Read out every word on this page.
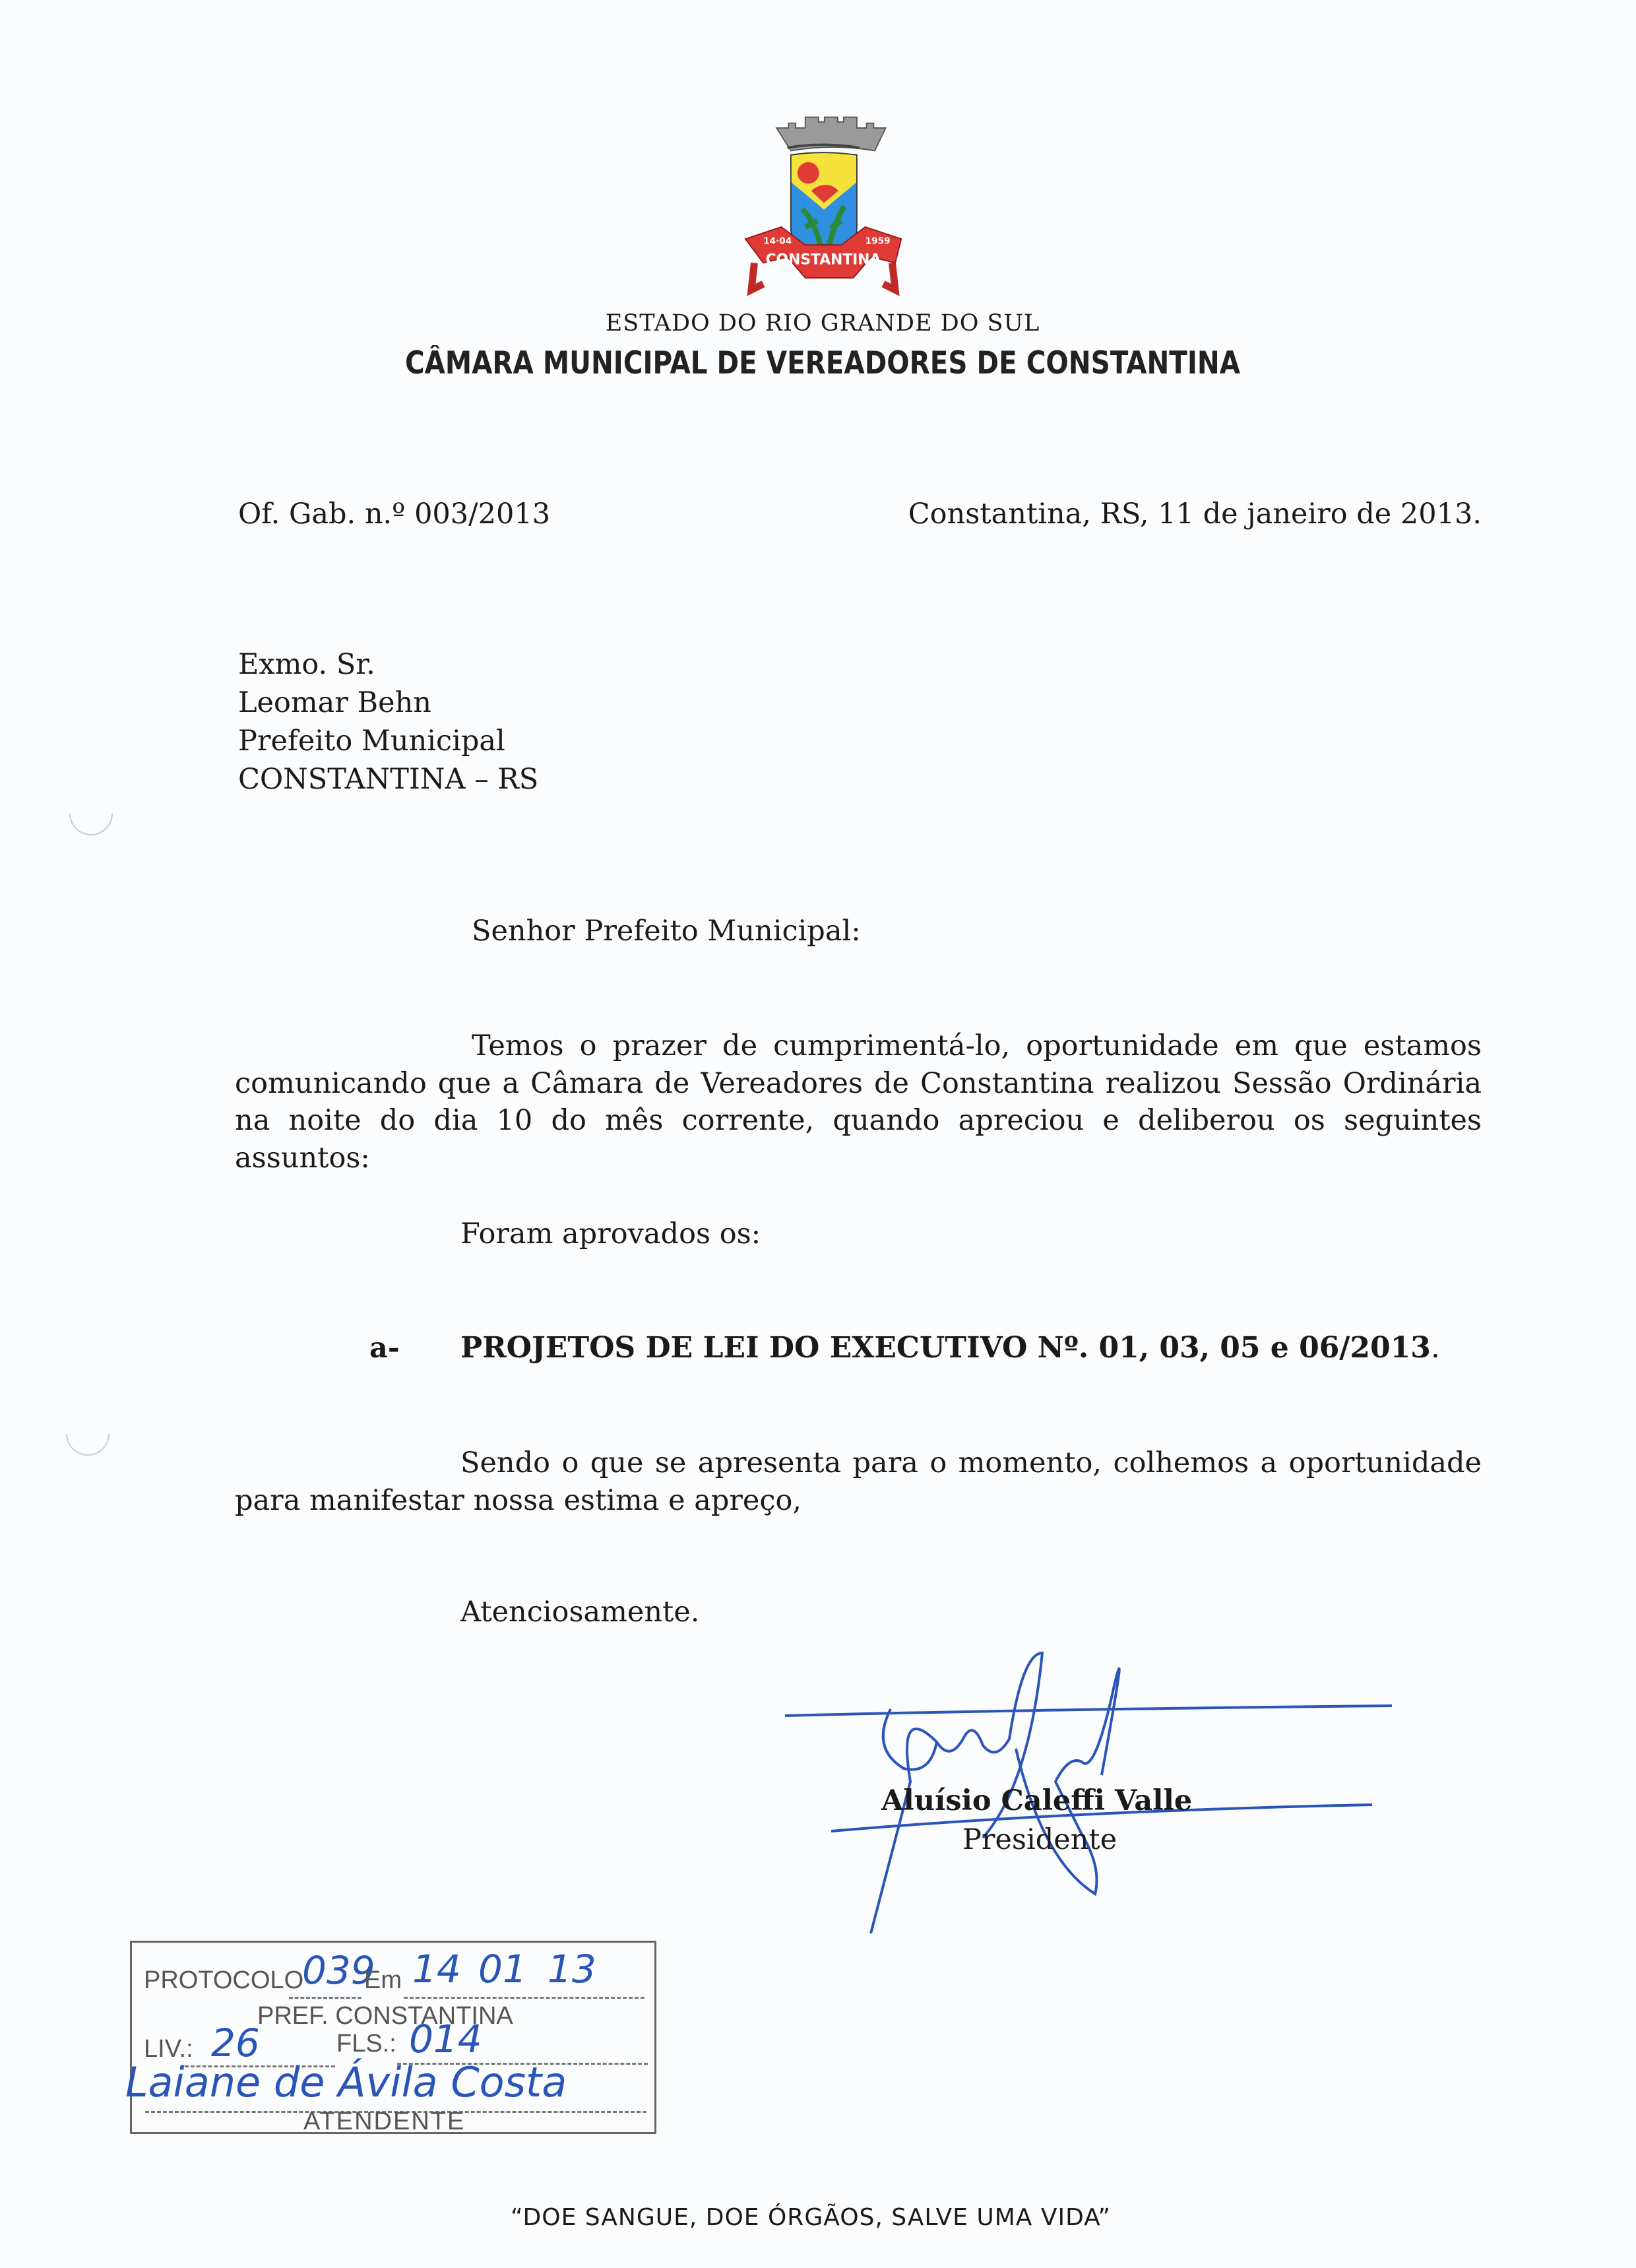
CONSTANTINA
14·04	1959
ESTADO DO RIO GRANDE DO SUL
CÂMARA MUNICIPAL DE VEREADORES DE CONSTANTINA
Of. Gab. n.º 003/2013	Constantina, RS, 11 de janeiro de 2013.
Exmo. Sr.
Leomar Behn
Prefeito Municipal
CONSTANTINA – RS
Senhor Prefeito Municipal:
Temos o prazer de cumprimentá-lo, oportunidade em que estamos comunicando que a Câmara de Vereadores de Constantina realizou Sessão Ordinária na noite do dia 10 do mês corrente, quando apreciou e deliberou os seguintes assuntos:
Foram aprovados os:
a- PROJETOS DE LEI DO EXECUTIVO Nº. 01, 03, 05 e 06/2013.
Sendo o que se apresenta para o momento, colhemos a oportunidade para manifestar nossa estima e apreço,
Atenciosamente.
Aluísio Caleffi Valle
Presidente
PROTOCOLO
039
Em 14 01 13
PREF. CONSTANTINA
LIV.: 26	FLS.: 014
Laiane de Ávila Costa
ATENDENTE
“DOE SANGUE, DOE ÓRGÃOS, SALVE UMA VIDA”
